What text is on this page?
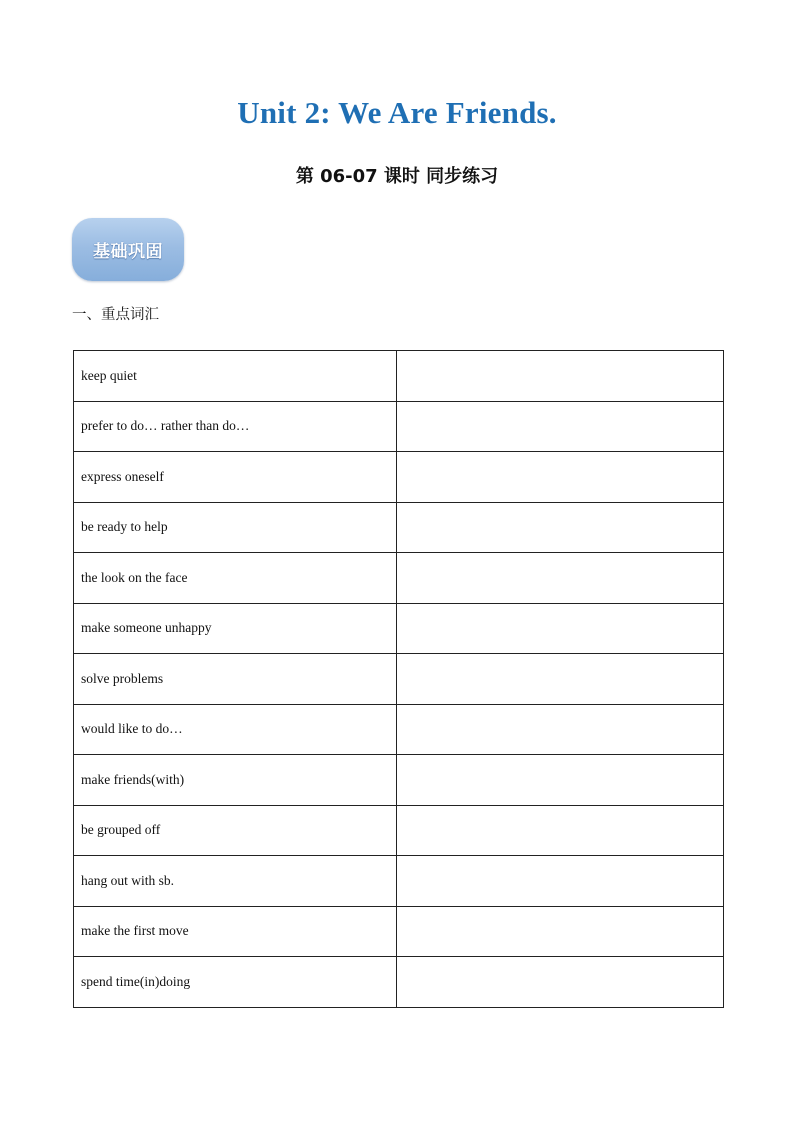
Unit 2: We Are Friends.
第 06-07 课时 同步练习
基础巩固
一、重点词汇
keep quiet	
prefer to do… rather than do…	
express oneself	
be ready to help	
the look on the face	
make someone unhappy	
solve problems	
would like to do…	
make friends(with)	
be grouped off	
hang out with sb.	
make the first move	
spend time(in)doing	
